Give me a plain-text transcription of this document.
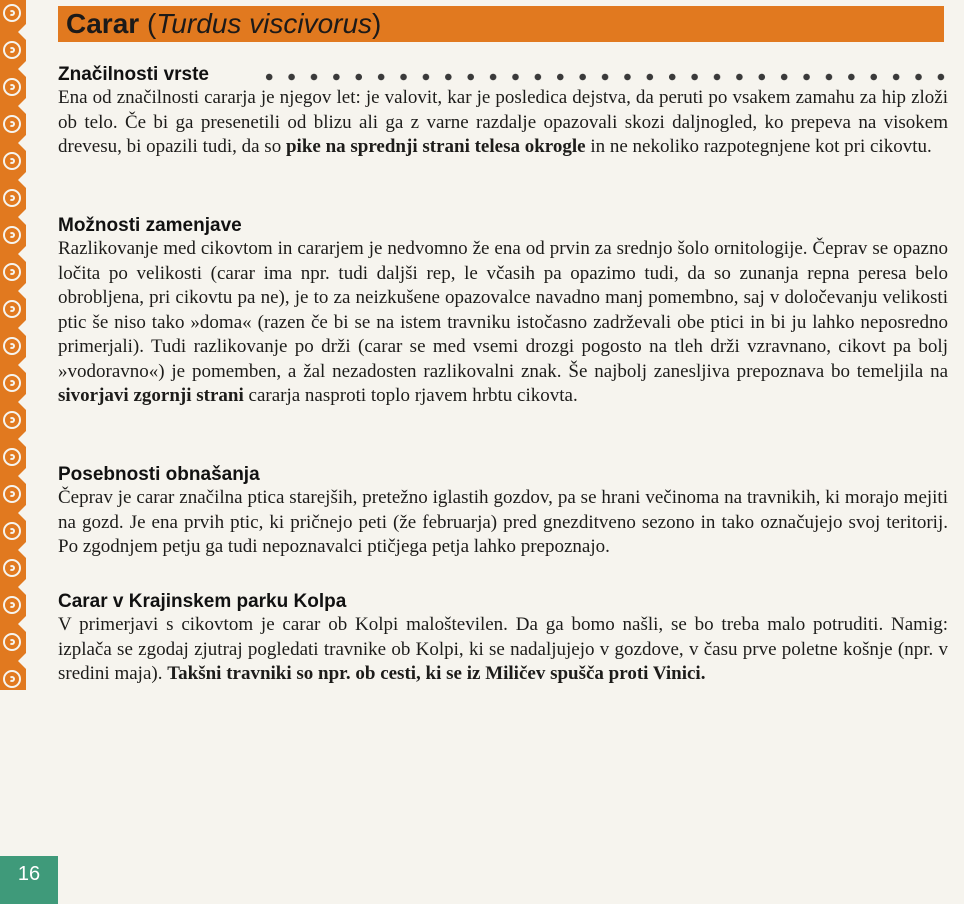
Carar (Turdus viscivorus)
Značilnosti vrste

Ena od značilnosti cararja je njegov let: je valovit, kar je posledica dejstva, da peruti po vsakem zamahu za hip zloži ob telo. Če bi ga presenetili od blizu ali ga z varne razdalje opazovali skozi daljnogled, ko prepeva na visokem drevesu, bi opazili tudi, da so pike na sprednji strani telesa okrogle in ne nekoliko razpotegnjene kot pri cikovtu.

Možnosti zamenjave

Razlikovanje med cikovtom in cararjem je nedvomno že ena od prvin za srednjo šolo ornitologije. Čeprav se opazno ločita po velikosti (carar ima npr. tudi daljši rep, le včasih pa opazimo tudi, da so zunanja repna peresa belo obrobljena, pri cikovtu pa ne), je to za neizkušene opazovalce navadno manj pomembno, saj v določevanju velikosti ptic še niso tako »doma« (razen če bi se na istem travniku istočasno zadrževali obe ptici in bi ju lahko neposredno primerjali). Tudi razlikovanje po drži (carar se med vsemi drozgi pogosto na tleh drži vzravnano, cikovt pa bolj »vodoravno«) je pomemben, a žal nezadosten razlikovalni znak. Še najbolj zanesljiva prepoznava bo temeljila na sivorjavi zgornji strani cararja nasproti toplo rjavem hrbtu cikovta.

Posebnosti obnašanja

Čeprav je carar značilna ptica starejših, pretežno iglastih gozdov, pa se hrani večinoma na travnikih, ki morajo mejiti na gozd. Je ena prvih ptic, ki pričnejo peti (že februarja) pred gnezditveno sezono in tako označujejo svoj teritorij. Po zgodnjem petju ga tudi nepoznavalci ptičjega petja lahko prepoznajo.

Carar v Krajinskem parku Kolpa

V primerjavi s cikovtom je carar ob Kolpi maloštevilen. Da ga bomo našli, se bo treba malo potruditi. Namig: izplača se zgodaj zjutraj pogledati travnike ob Kolpi, ki se nadaljujejo v gozdove, v času prve poletne košnje (npr. v sredini maja). Takšni travniki so npr. ob cesti, ki se iz Miličev spušča proti Vinici.

16
